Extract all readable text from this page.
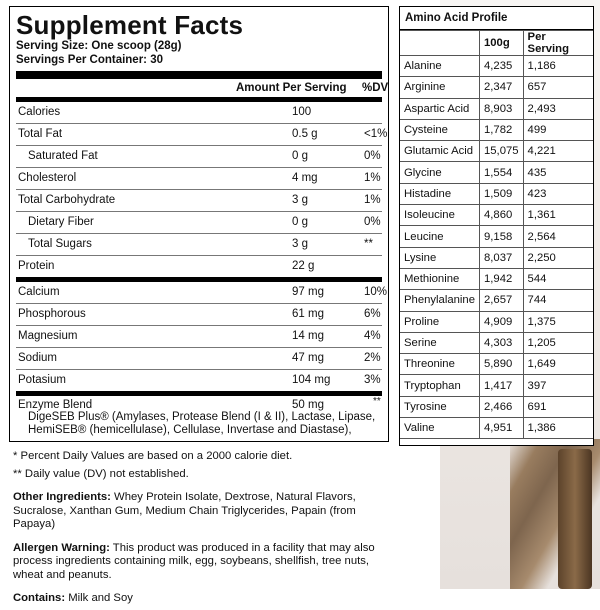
Supplement Facts
Serving Size: One scoop (28g)
Servings Per Container: 30
Amount Per Serving %DV
Calories	100
Total Fat	0.5 g	<1%
Saturated Fat	0 g	0%
Cholesterol	4 mg	1%
Total Carbohydrate	3 g	1%
Dietary Fiber	0 g	0%
Total Sugars	3 g	**
Protein	22 g
Calcium	97 mg	10%
Phosphorous	61 mg	6%
Magnesium	14 mg	4%
Sodium	47 mg	2%
Potasium	104 mg	3%
Enzyme Blend	50 mg	**
DigeSEB Plus® (Amylases, Protease Blend (I & II), Lactase, Lipase, HemiSEB® (hemicellulase), Cellulase, Invertase and Diastase),

* Percent Daily Values are based on a 2000 calorie diet.

** Daily value (DV) not established.

Other Ingredients: Whey Protein Isolate, Dextrose, Natural Flavors, Sucralose, Xanthan Gum, Medium Chain Triglycerides, Papain (from Papaya)

Allergen Warning: This product was produced in a facility that may also process ingredients containing milk, egg, soybeans, shellfish, tree nuts, wheat and peanuts.

Contains: Milk and Soy

Amino Acid Profile
	100g	Per Serving
Alanine	4,235	1,186
Arginine	2,347	657
Aspartic Acid	8,903	2,493
Cysteine	1,782	499
Glutamic Acid	15,075	4,221
Glycine	1,554	435
Histadine	1,509	423
Isoleucine	4,860	1,361
Leucine	9,158	2,564
Lysine	8,037	2,250
Methionine	1,942	544
Phenylalanine	2,657	744
Proline	4,909	1,375
Serine	4,303	1,205
Threonine	5,890	1,649
Tryptophan	1,417	397
Tyrosine	2,466	691
Valine	4,951	1,386
